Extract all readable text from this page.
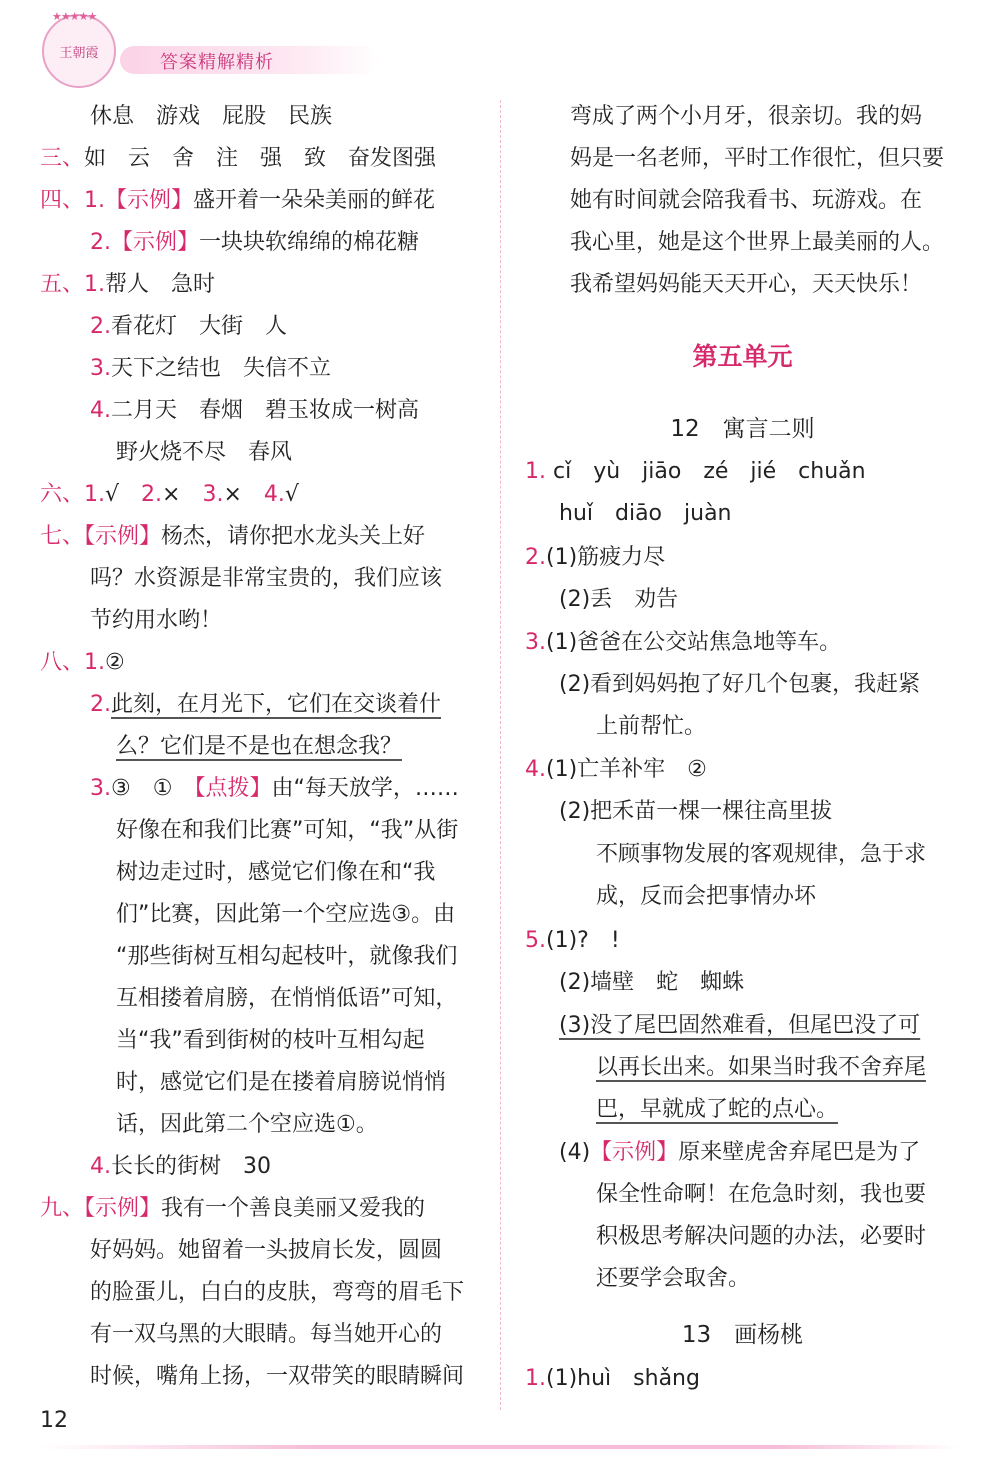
★★★★★
王朝霞	答案精解精析
休息　游戏　屁股　民族
三、如　云　舍　注　强　致　奋发图强
四、1.【示例】盛开着一朵朵美丽的鲜花
2.【示例】一块块软绵绵的棉花糖
五、1.帮人　急时
2.看花灯　大街　人
3.天下之结也　失信不立
4.二月天　春烟　碧玉妆成一树高
野火烧不尽　春风
六、1.√　2.×　3.×　4.√
七、【示例】杨杰，请你把水龙头关上好
吗？水资源是非常宝贵的，我们应该
节约用水哟！
八、1.②
2.此刻，在月光下，它们在交谈着什
么？它们是不是也在想念我？
3.③　①　【点拨】由“每天放学，……
好像在和我们比赛”可知，“我”从街
树边走过时，感觉它们像在和“我
们”比赛，因此第一个空应选③。由
“那些街树互相勾起枝叶，就像我们
互相搂着肩膀，在悄悄低语”可知，
当“我”看到街树的枝叶互相勾起
时，感觉它们是在搂着肩膀说悄悄
话，因此第二个空应选①。
4.长长的街树　30
九、【示例】我有一个善良美丽又爱我的
好妈妈。她留着一头披肩长发，圆圆
的脸蛋儿，白白的皮肤，弯弯的眉毛下
有一双乌黑的大眼睛。每当她开心的
时候，嘴角上扬，一双带笑的眼睛瞬间
弯成了两个小月牙，很亲切。我的妈
妈是一名老师，平时工作很忙，但只要
她有时间就会陪我看书、玩游戏。在
我心里，她是这个世界上最美丽的人。
我希望妈妈能天天开心，天天快乐！
第五单元
12　寓言二则
1. cǐ　yù　jiāo　zé　jié　chuǎn
huǐ　diāo　juàn
2.(1)筋疲力尽
(2)丢　劝告
3.(1)爸爸在公交站焦急地等车。
(2)看到妈妈抱了好几个包裹，我赶紧
上前帮忙。
4.(1)亡羊补牢　②
(2)把禾苗一棵一棵往高里拔
不顾事物发展的客观规律，急于求
成，反而会把事情办坏
5.(1)?　!
(2)墙壁　蛇　蜘蛛
(3)没了尾巴固然难看，但尾巴没了可
以再长出来。如果当时我不舍弃尾
巴，早就成了蛇的点心。
(4)【示例】原来壁虎舍弃尾巴是为了
保全性命啊！在危急时刻，我也要
积极思考解决问题的办法，必要时
还要学会取舍。
13　画杨桃
1.(1)huì　shǎng
12
